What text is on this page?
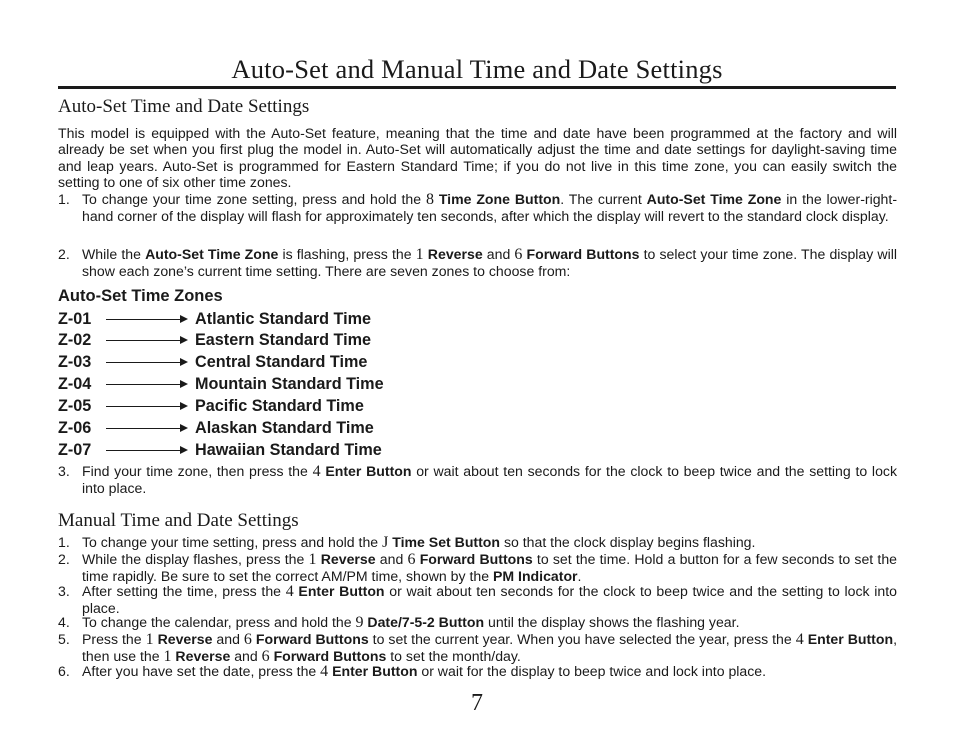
Auto-Set and Manual Time and Date Settings
Auto-Set Time and Date Settings
This model is equipped with the Auto-Set feature, meaning that the time and date have been programmed at the factory and will already be set when you first plug the model in. Auto-Set will automatically adjust the time and date settings for daylight-saving time and leap years. Auto-Set is programmed for Eastern Standard Time; if you do not live in this time zone, you can easily switch the setting to one of six other time zones.
1. To change your time zone setting, press and hold the 8 Time Zone Button. The current Auto-Set Time Zone in the lower-right-hand corner of the display will flash for approximately ten seconds, after which the display will revert to the standard clock display.
2. While the Auto-Set Time Zone is flashing, press the 1 Reverse and 6 Forward Buttons to select your time zone. The display will show each zone’s current time setting. There are seven zones to choose from:
Auto-Set Time Zones
Z-01	Atlantic Standard Time
Z-02	Eastern Standard Time
Z-03	Central Standard Time
Z-04	Mountain Standard Time
Z-05	Pacific Standard Time
Z-06	Alaskan Standard Time
Z-07	Hawaiian Standard Time
3. Find your time zone, then press the 4 Enter Button or wait about ten seconds for the clock to beep twice and the setting to lock into place.
Manual Time and Date Settings
1. To change your time setting, press and hold the J Time Set Button so that the clock display begins flashing.
2. While the display flashes, press the 1 Reverse and 6 Forward Buttons to set the time. Hold a button for a few seconds to set the time rapidly. Be sure to set the correct AM/PM time, shown by the PM Indicator.
3. After setting the time, press the 4 Enter Button or wait about ten seconds for the clock to beep twice and the setting to lock into place.
4. To change the calendar, press and hold the 9 Date/7-5-2 Button until the display shows the flashing year.
5. Press the 1 Reverse and 6 Forward Buttons to set the current year. When you have selected the year, press the 4 Enter Button, then use the 1 Reverse and 6 Forward Buttons to set the month/day.
6. After you have set the date, press the 4 Enter Button or wait for the display to beep twice and lock into place.
7
